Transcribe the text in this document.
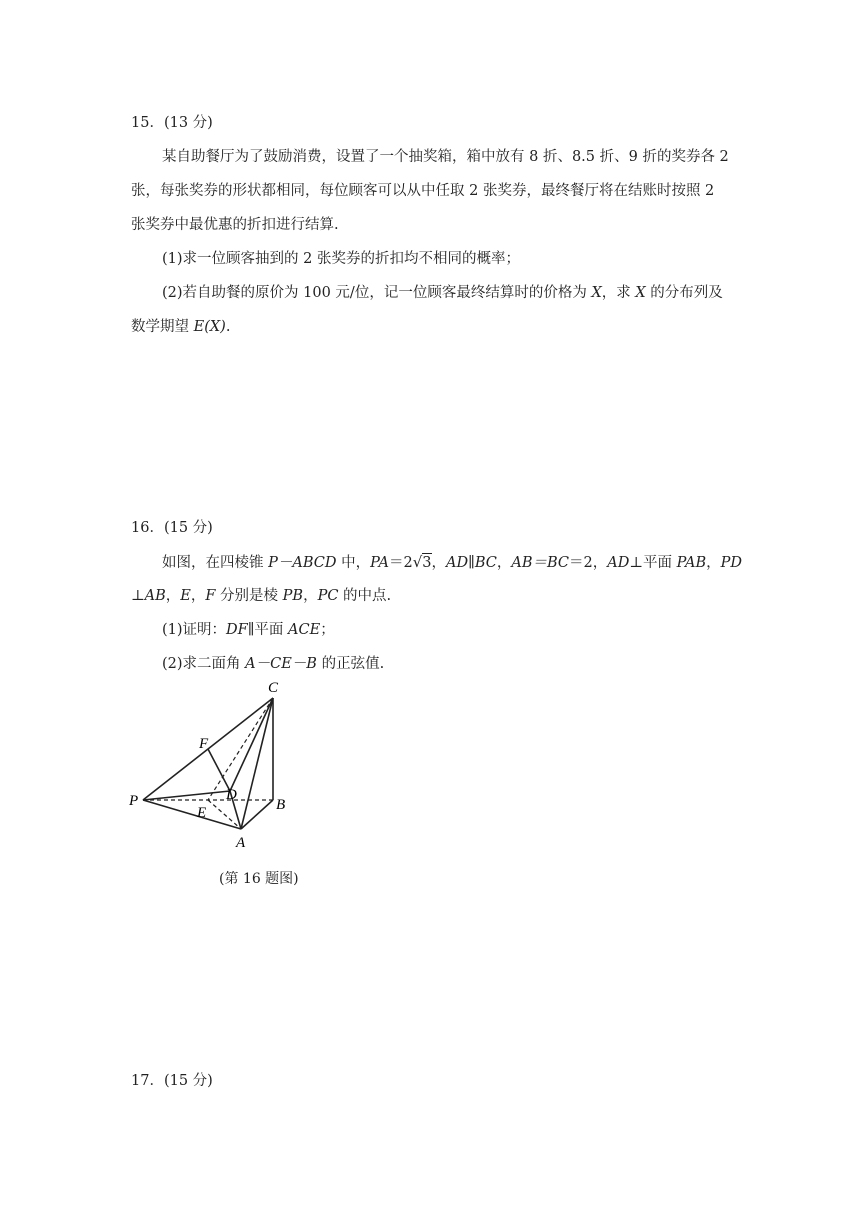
15．(13 分)
某自助餐厅为了鼓励消费，设置了一个抽奖箱，箱中放有 8 折、8.5 折、9 折的奖券各 2
张，每张奖券的形状都相同，每位顾客可以从中任取 2 张奖券，最终餐厅将在结账时按照 2
张奖券中最优惠的折扣进行结算.
(1)求一位顾客抽到的 2 张奖券的折扣均不相同的概率；
(2)若自助餐的原价为 100 元/位，记一位顾客最终结算时的价格为 X，求 X 的分布列及
数学期望 E(X).
16．(15 分)
如图，在四棱锥 P－ABCD 中，PA＝2√3，AD∥BC，AB＝BC＝2，AD⊥平面 PAB，PD
⊥AB，E，F 分别是棱 PB，PC 的中点.
(1)证明：DF∥平面 ACE；
(2)求二面角 A－CE－B 的正弦值.
C
F
D
P
E	B
A
(第 16 题图)
17．(15 分)
